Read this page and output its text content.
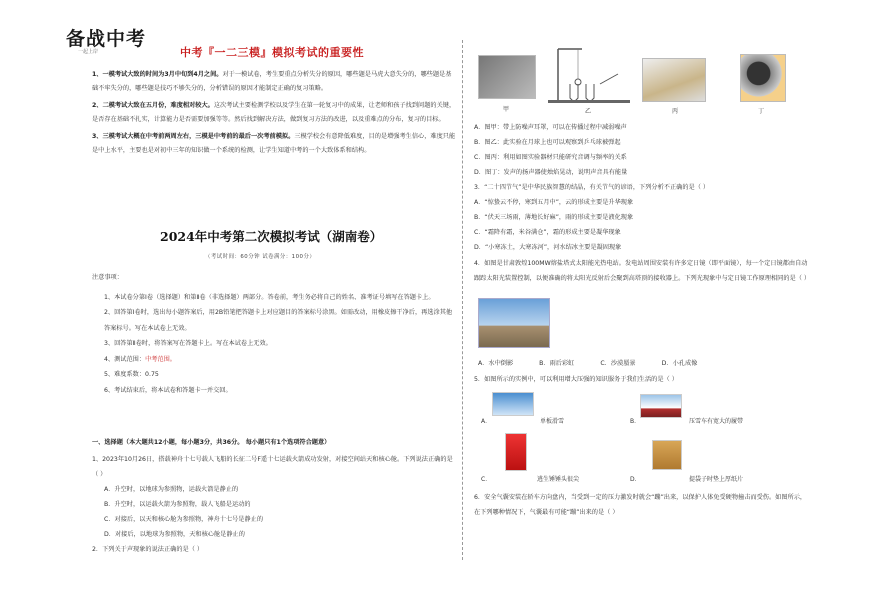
备战中考
一起上岸	中考『一二三模』模拟考试的重要性

1、一模考试大致的时间为3月中旬到4月之间。对于一模试卷，考生要重点分析失分的原因，哪些题是马虎大意失分的，哪些题是基础不牢失分的，哪些题是技巧不够失分的，分析错误的原因才能制定正确的复习策略。

2、二模考试大致在五月份，难度相对较大。这次考试主要检测学校以及学生在第一轮复习中的成果，让老师和孩子找到问题的关键，是否存在基础不扎实，计算能力是否需要加强等等。然后找到解决方法，做到复习方法的改进，以及重难点的分布，复习的目标。

3、三模考试大概在中考前两周左右，三模是中考前的最后一次考前模拟。三模学校会有意降低难度，目的是增强考生信心，难度只能是中上水平，主要也是对初中三年的知识做一个系统的检测，让学生知道中考的一个大致体系和结构。

2024年中考第二次模拟考试（湖南卷）
（考试时间：60分钟 试卷满分：100分）
注意事项：
1、本试卷分第Ⅰ卷（选择题）和第Ⅱ卷（非选择题）两部分。答卷前，考生务必将自己的姓名、准考证号填写在答题卡上。
2、回答第Ⅰ卷时，选出每小题答案后，用2B铅笔把答题卡上对应题目的答案标号涂黑。如需改动，用橡皮擦干净后，再选涂其他答案标号。写在本试卷上无效。
3、回答第Ⅱ卷时，将答案写在答题卡上。写在本试卷上无效。
4、测试范围：中考范围。
5、难度系数：0.75
6、考试结束后，将本试卷和答题卡一并交回。
一、选择题（本大题共12小题，每小题3分，共36分。 每小题只有1个选项符合题意）
1、2023年10月26日，搭载神舟十七号载人飞船的长征二号F遥十七运载火箭成功发射，对接空间站天和核心舱。下列说法正确的是（ ）
A．升空时，以地球为参照物，运载火箭是静止的
B．升空时，以运载火箭为参照物，载人飞船是运动的
C．对接后，以天和核心舱为参照物，神舟十七号是静止的
D．对接后，以地球为参照物，天和核心舱是静止的
2．下列关于声现象的说法正确的是（ ）
甲	乙	丙	丁

A．图甲：带上防噪声耳罩，可以在传播过程中减弱噪声

B．图乙：此实验在月球上也可以观察到乒乓球被弹起

C．图丙：利用如图实验器材只能研究音调与频率的关系

D．图丁：发声的扬声器使烛焰晃动，说明声音具有能量

3．“二十四节气”是中华民族智慧的结晶，有关节气的谚语，下列分析不正确的是（ ）

A．“惊蛰云不停，寒到五月中”，云的形成主要是升华现象

B．“伏天三场雨，薄地长好麻”，雨的形成主要是液化现象

C．“霜降有霜，米谷满仓”，霜的形成主要是凝华现象

D．“小寒冻土，大寒冻河”，河水结冰主要是凝固现象

4．如图是甘肃敦煌100MW熔盐塔式太阳能光热电站。发电站周围安装有许多定日镜（即平面镜），每一个定日镜都由自动跟踪太阳光装置控制，以便准确的将太阳光反射后会聚到高塔顶的接收器上。下列光现象中与定日镜工作原理相同的是（ ）

A．水中倒影	B．雨后彩虹	C．沙漠蜃景	D．小孔成像

5．如图所示的实例中，可以利用增大压强的知识服务于我们生活的是（ ）

A．	单板滑雪	B．	压雪车有宽大的履带
C．	逃生锤锤头很尖	D．	提袋子时垫上厚纸片

6．安全气囊安装在轿车方向盘内，当受到一定的压力激发时就会“蹦”出来，以保护人体免受硬物撞击而受伤。如图所示，在下列哪种情况下，气囊最有可能“蹦”出来的是（ ）
